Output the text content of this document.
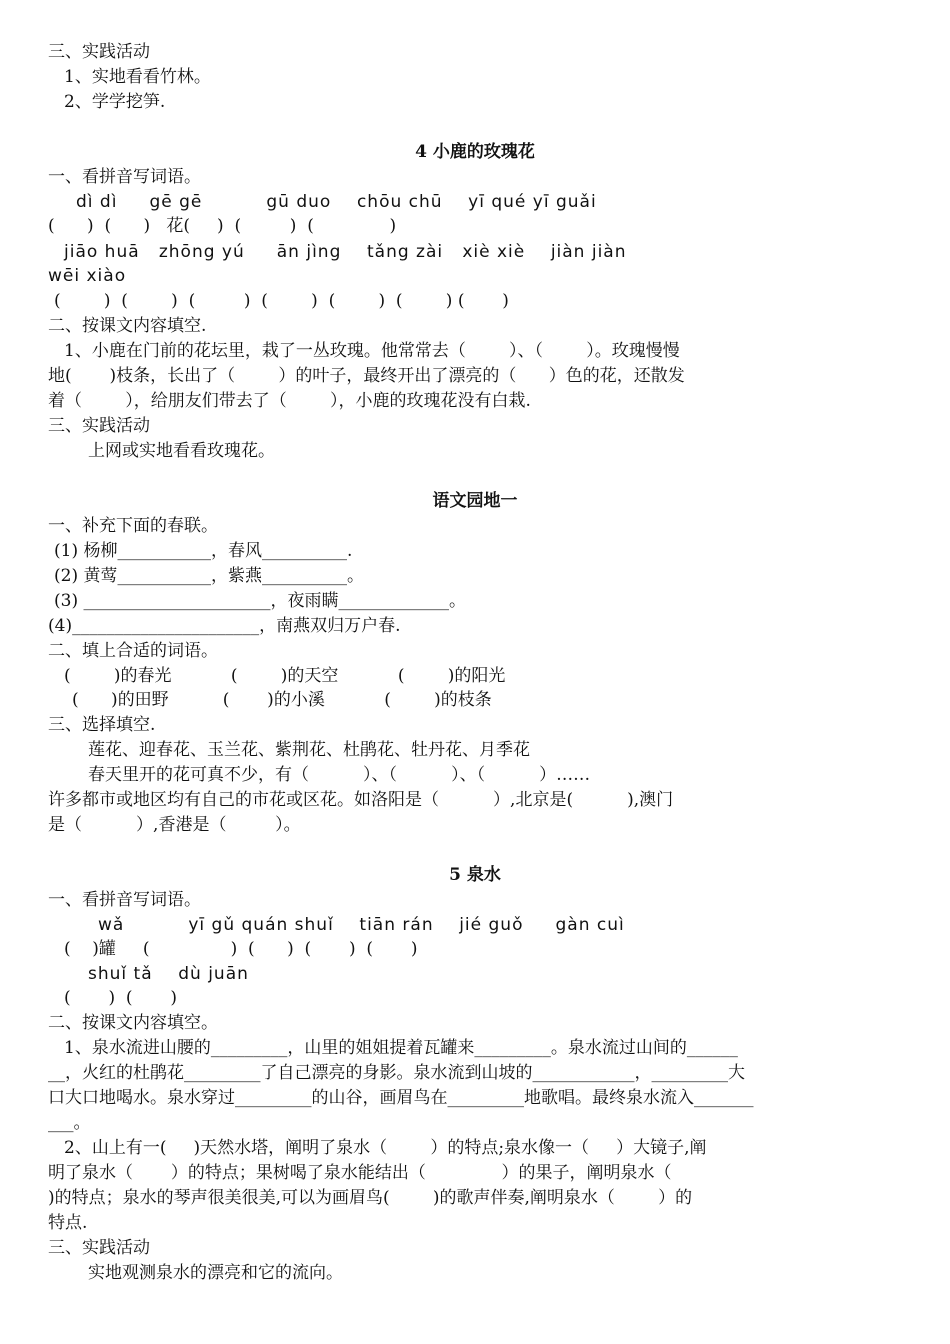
三、实践活动
1、实地看看竹林。
2、学学挖笋.
4 小鹿的玫瑰花
一、看拼音写词语。
dì dì     gē gē          gū duo    chōu chū    yī qué yī guǎi
(      )  (      )   花(     )  (         )  (              )
jiāo huā   zhōng yú     ān jìng    tǎng zài   xiè xiè    jiàn jiàn
wēi xiào
(        )  (        )  (         )  (        )  (        )  (        ) (       )
二、按课文内容填空.
1、小鹿在门前的花坛里，栽了一丛玫瑰。他常常去（        ）、（        ）。玫瑰慢慢
地(       )枝条，长出了（        ）的叶子，最终开出了漂亮的（      ）色的花，还散发
着（        ），给朋友们带去了（        ），小鹿的玫瑰花没有白栽.
三、实践活动
上网或实地看看玫瑰花。
语文园地一
一、补充下面的春联。
(1) 杨柳___________，春风__________.
(2) 黄莺___________，紫燕__________。
(3) ______________________，夜雨瞒_____________。
(4)______________________，南燕双归万户春.
二、填上合适的词语。
(        )的春光           (        )的天空           (        )的阳光
(      )的田野          (       )的小溪           (        )的枝条
三、选择填空.
莲花、迎春花、玉兰花、紫荆花、杜鹃花、牡丹花、月季花
春天里开的花可真不少，有（          ）、（          ）、（          ）……
许多都市或地区均有自己的市花或区花。如洛阳是（          ）,北京是(          ),澳门
是（          ）,香港是（         ）。
5 泉水
一、看拼音写词语。
wǎ          yī gǔ quán shuǐ    tiān rán    jié guǒ     gàn cuì
(    )罐     (               )  (      )  (       )  (       )
shuǐ tǎ    dù juān
(       )  (       )
二、按课文内容填空。
1、泉水流进山腰的_________，山里的姐姐提着瓦罐来_________。泉水流过山间的______
__，火红的杜鹃花_________了自己漂亮的身影。泉水流到山坡的____________，_________大
口大口地喝水。泉水穿过_________的山谷，画眉鸟在_________地歌唱。最终泉水流入_______
___。
2、山上有一(     )天然水塔，阐明了泉水（        ）的特点;泉水像一（     ）大镜子,阐
明了泉水（       ）的特点；果树喝了泉水能结出（              ）的果子，阐明泉水（
)的特点；泉水的琴声很美很美,可以为画眉鸟(        )的歌声伴奏,阐明泉水（        ）的
特点.
三、实践活动
实地观测泉水的漂亮和它的流向。
